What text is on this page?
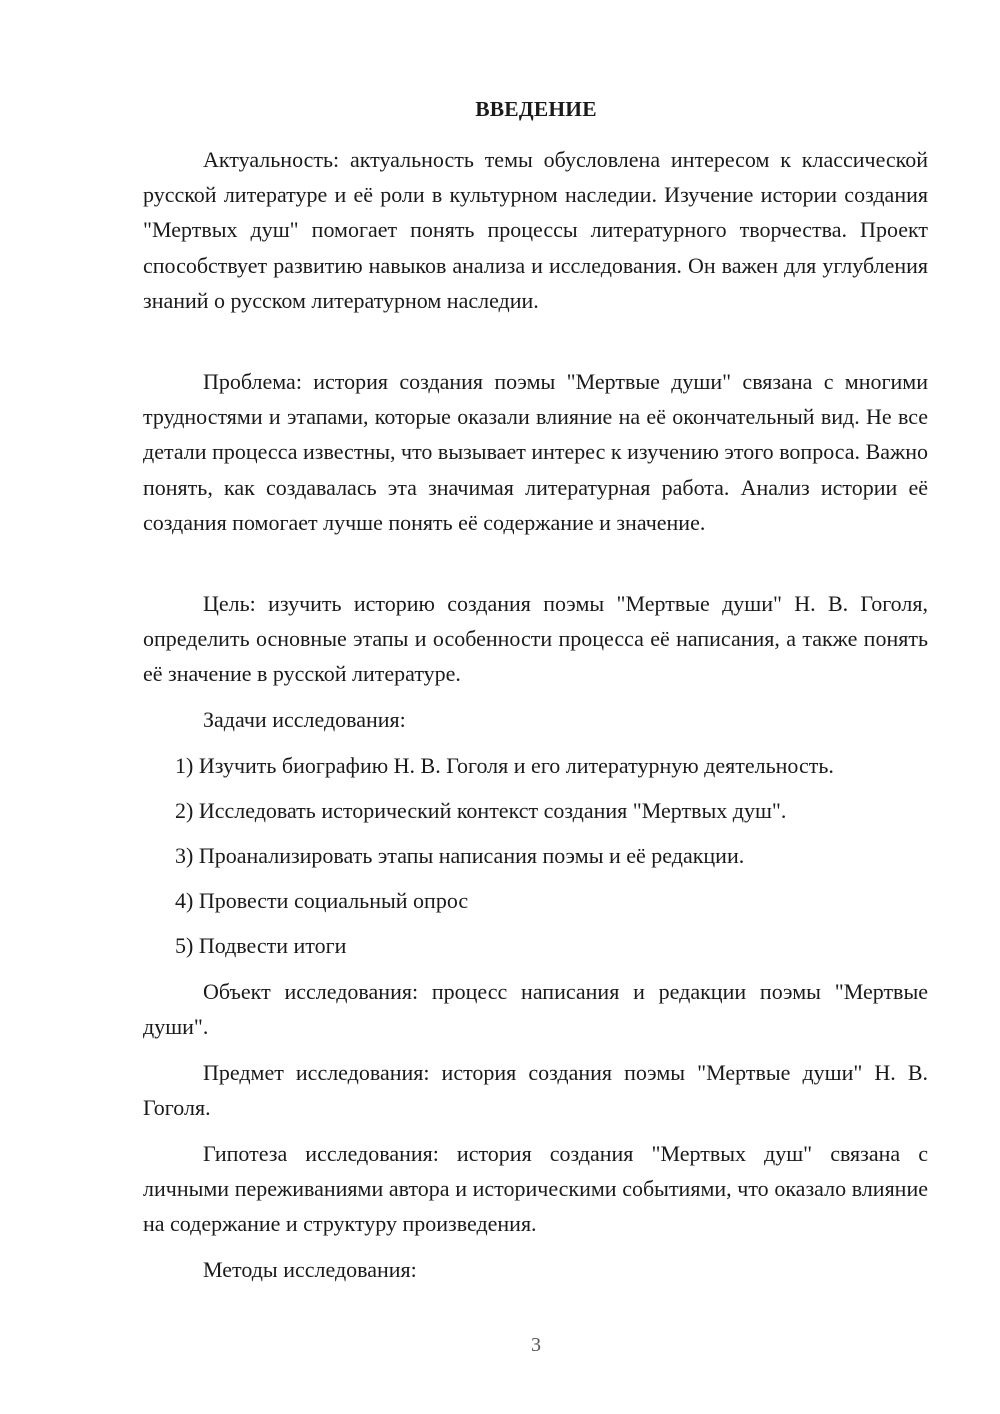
ВВЕДЕНИЕ

Актуальность: актуальность темы обусловлена интересом к классической русской литературе и её роли в культурном наследии. Изучение истории создания "Мертвых душ" помогает понять процессы литературного творчества. Проект способствует развитию навыков анализа и исследования. Он важен для углубления знаний о русском литературном наследии.

Проблема: история создания поэмы "Мертвые души" связана с многими трудностями и этапами, которые оказали влияние на её окончательный вид. Не все детали процесса известны, что вызывает интерес к изучению этого вопроса. Важно понять, как создавалась эта значимая литературная работа. Анализ истории её создания помогает лучше понять её содержание и значение.

Цель: изучить историю создания поэмы "Мертвые души" Н. В. Гоголя, определить основные этапы и особенности процесса её написания, а также понять её значение в русской литературе.

Задачи исследования:

1) Изучить биографию Н. В. Гоголя и его литературную деятельность.
2) Исследовать исторический контекст создания "Мертвых душ".
3) Проанализировать этапы написания поэмы и её редакции.
4) Провести социальный опрос
5) Подвести итоги

Объект исследования: процесс написания и редакции поэмы "Мертвые души".

Предмет исследования: история создания поэмы "Мертвые души" Н. В. Гоголя.

Гипотеза исследования: история создания "Мертвых душ" связана с личными переживаниями автора и историческими событиями, что оказало влияние на содержание и структуру произведения.

Методы исследования:

3
